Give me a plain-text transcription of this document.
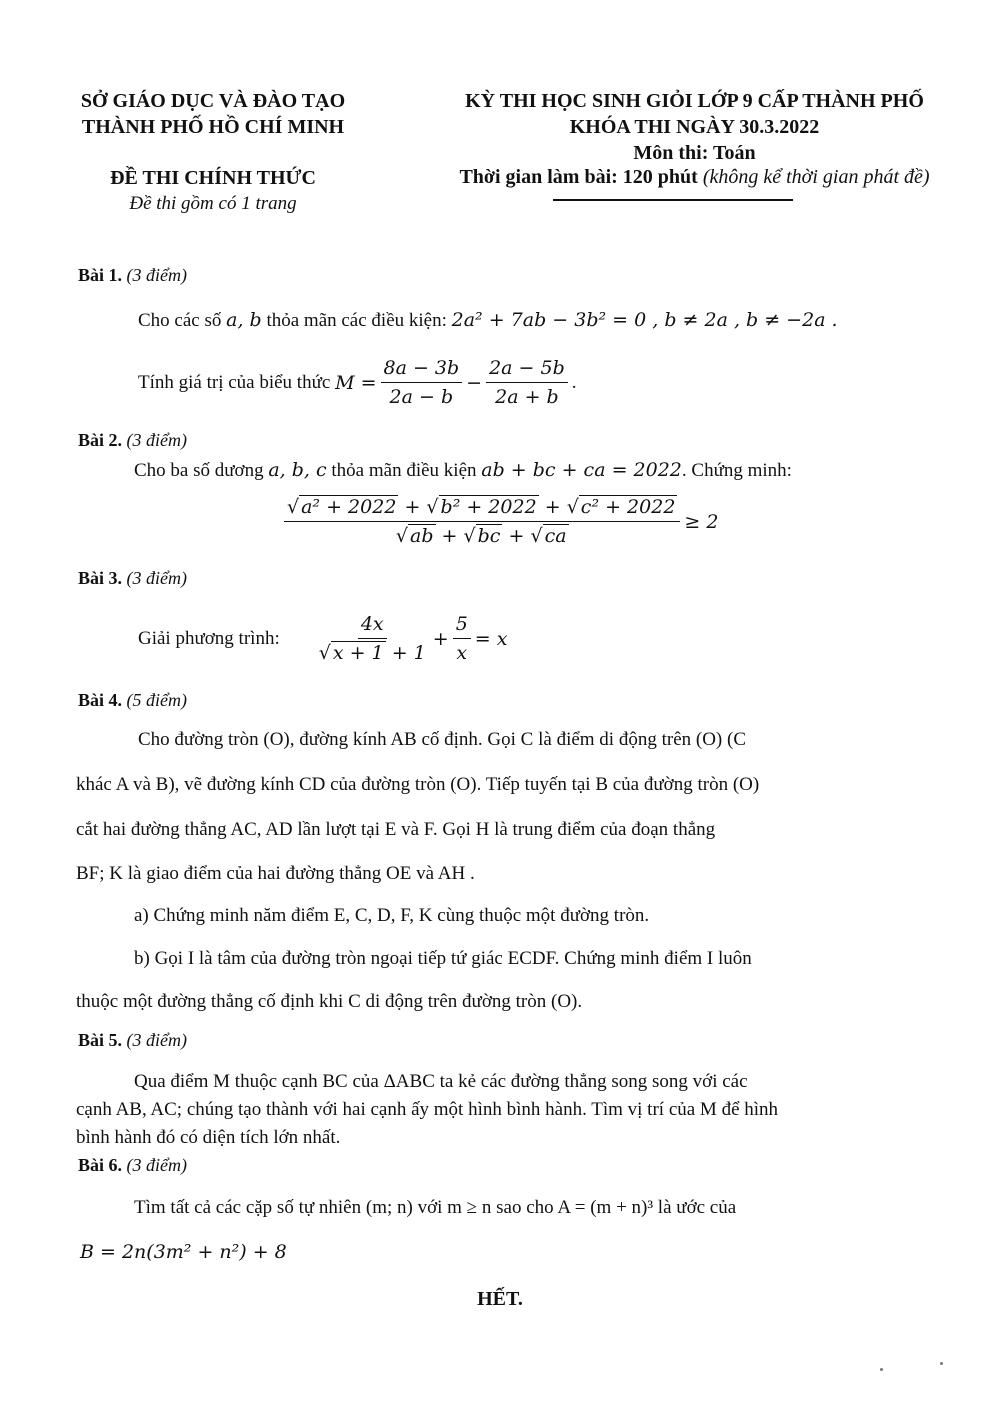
SỞ GIÁO DỤC VÀ ĐÀO TẠO
THÀNH PHỐ HỒ CHÍ MINH
ĐỀ THI CHÍNH THỨC
Đề thi gồm có 1 trang
KỲ THI HỌC SINH GIỎI LỚP 9 CẤP THÀNH PHỐ
KHÓA THI NGÀY 30.3.2022
Môn thi: Toán
Thời gian làm bài: 120 phút (không kể thời gian phát đề)
Bài 1. (3 điểm)
Cho các số a, b thỏa mãn các điều kiện: 2a² + 7ab − 3b² = 0 , b ≠ 2a , b ≠ −2a .
Tính giá trị của biểu thức
$M = \frac{8a - 3b}{2a - b} - \frac{2a - 5b}{2a + b}$ .
Bài 2. (3 điểm)
Cho ba số dương a, b, c thỏa mãn điều kiện ab + bc + ca = 2022. Chứng minh:
$\frac{\text{√ a² + 2022 + √ b² + 2022 + √ c² + 2022}}{√ ab + √ bc + √ ca} \ge 2$
Bài 3. (3 điểm)
Giải phương trình: $\frac{4x}{√ x + 1 + 1} + \frac{5}{x} = x$
Bài 4. (5 điểm)
Cho đường tròn (O), đường kính AB cố định. Gọi C là điểm di động trên (O) (C
khác A và B), vẽ đường kính CD của đường tròn (O). Tiếp tuyến tại B của đường tròn (O)
cắt hai đường thẳng AC, AD lần lượt tại E và F. Gọi H là trung điểm của đoạn thẳng
BF; K là giao điểm của hai đường thẳng OE và AH .
a) Chứng minh năm điểm E, C, D, F, K cùng thuộc một đường tròn.
b) Gọi I là tâm của đường tròn ngoại tiếp tứ giác ECDF. Chứng minh điểm I luôn
thuộc một đường thẳng cố định khi C di động trên đường tròn (O).
Bài 5. (3 điểm)
Qua điểm M thuộc cạnh BC của ΔABC ta kẻ các đường thẳng song song với các
cạnh AB, AC; chúng tạo thành với hai cạnh ấy một hình bình hành. Tìm vị trí của M để hình
bình hành đó có diện tích lớn nhất.
Bài 6. (3 điểm)
Tìm tất cả các cặp số tự nhiên (m; n) với m ≥ n sao cho A = (m + n)³ là ước của
B = 2n(3m² + n²) + 8
HẾT.
